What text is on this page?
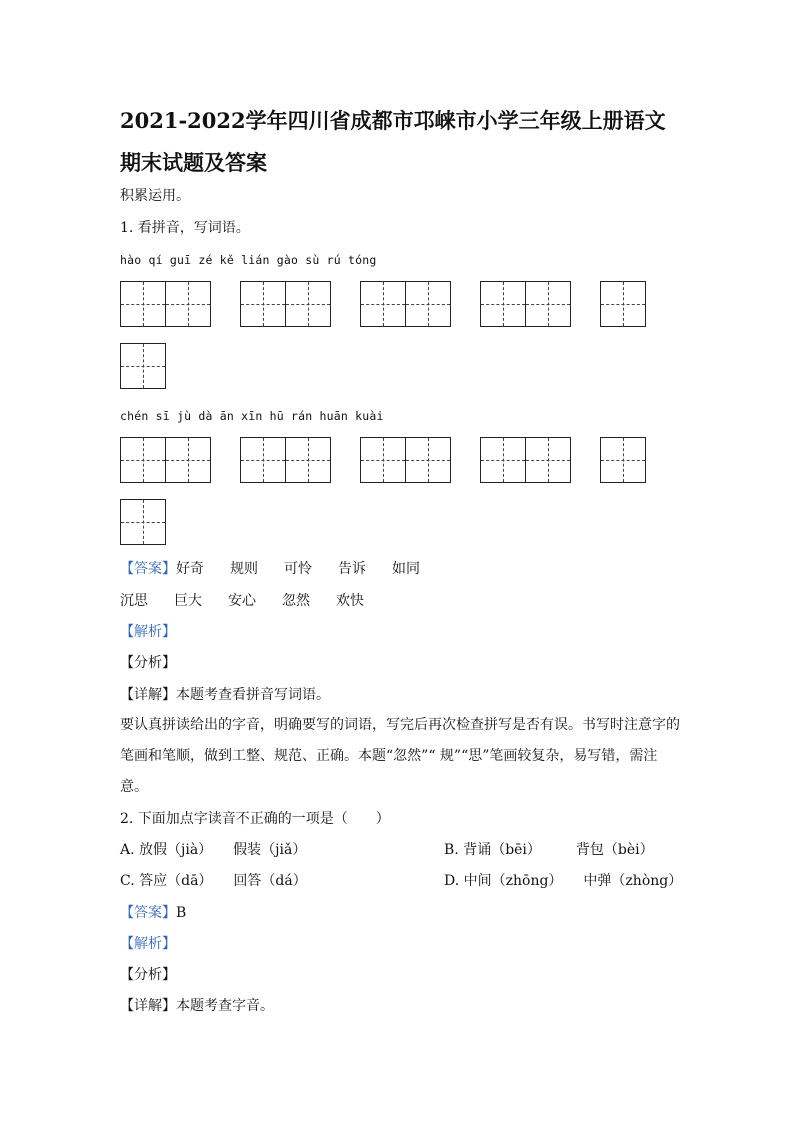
2021-2022学年四川省成都市邛崃市小学三年级上册语文期末试题及答案
积累运用。
1. 看拼音，写词语。
hào qí guī zé kě lián gào sù rú tóng
chén sī jù dà ān xīn hū rán huān kuài
【答案】好奇 规则 可怜 告诉 如同
沉思 巨大 安心 忽然 欢快
【解析】
【分析】
【详解】本题考查看拼音写词语。
要认真拼读给出的字音，明确要写的词语，写完后再次检查拼写是否有误。书写时注意字的笔画和笔顺，做到工整、规范、正确。本题“忽然”“ 规”“思”笔画较复杂，易写错，需注意。
2. 下面加点字读音不正确的一项是（　　）
A. 放假（jià）　　假装（jiǎ）	B. 背诵（bēi）　　　背包（bèi）
C. 答应（dā）　　回答（dá）	D. 中间（zhōng）　　中弹（zhòng）
【答案】B
【解析】
【分析】
【详解】本题考查字音。
